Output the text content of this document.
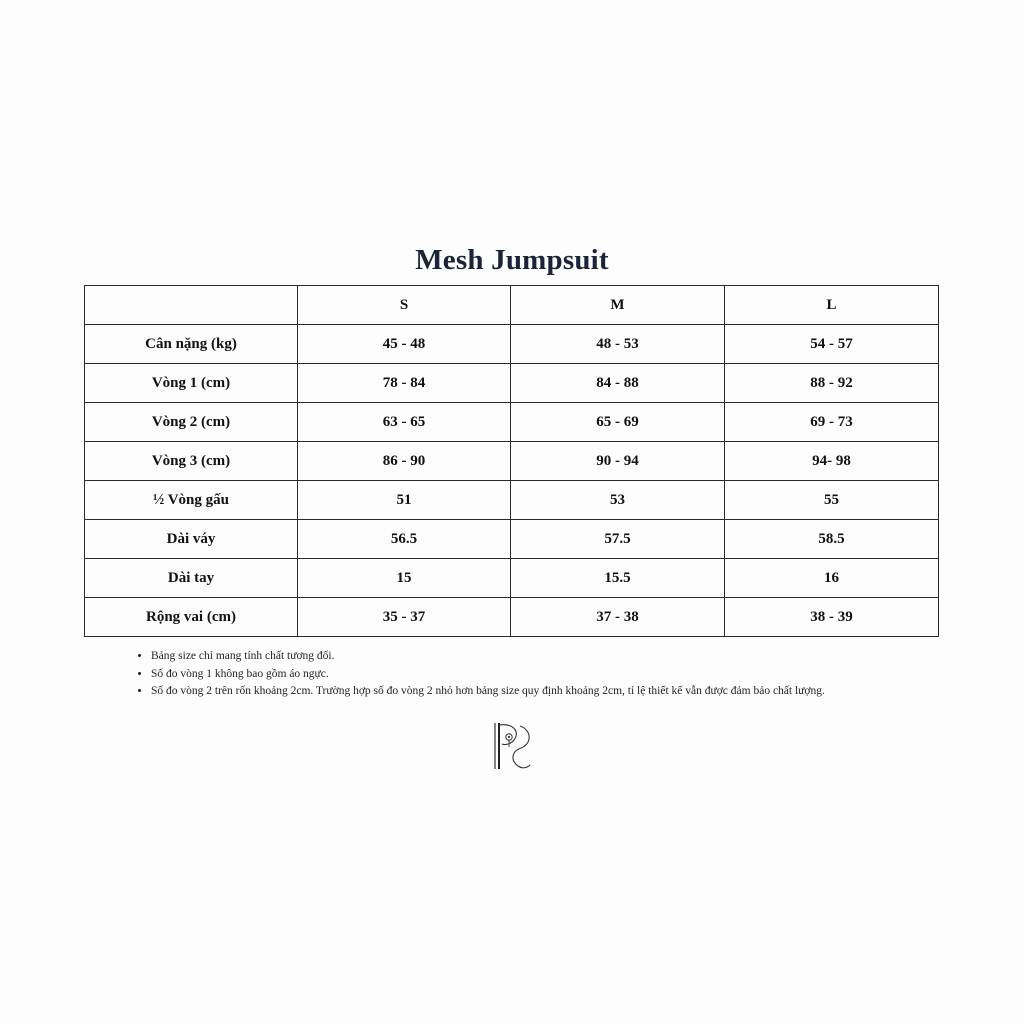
Mesh Jumpsuit
	S	M	L
Cân nặng (kg)	45 - 48	48 - 53	54 - 57
Vòng 1 (cm)	78 - 84	84 - 88	88 - 92
Vòng 2 (cm)	63 - 65	65 - 69	69 - 73
Vòng 3 (cm)	86 - 90	90 - 94	94- 98
½ Vòng gấu	51	53	55
Dài váy	56.5	57.5	58.5
Dài tay	15	15.5	16
Rộng vai (cm)	35 - 37	37 - 38	38 - 39
• Bảng size chỉ mang tính chất tương đối.
• Số đo vòng 1 không bao gồm áo ngực.
• Số đo vòng 2 trên rốn khoảng 2cm. Trường hợp số đo vòng 2 nhỏ hơn bảng size quy định khoảng 2cm, tỉ lệ thiết kế vẫn được đảm bảo chất lượng.
